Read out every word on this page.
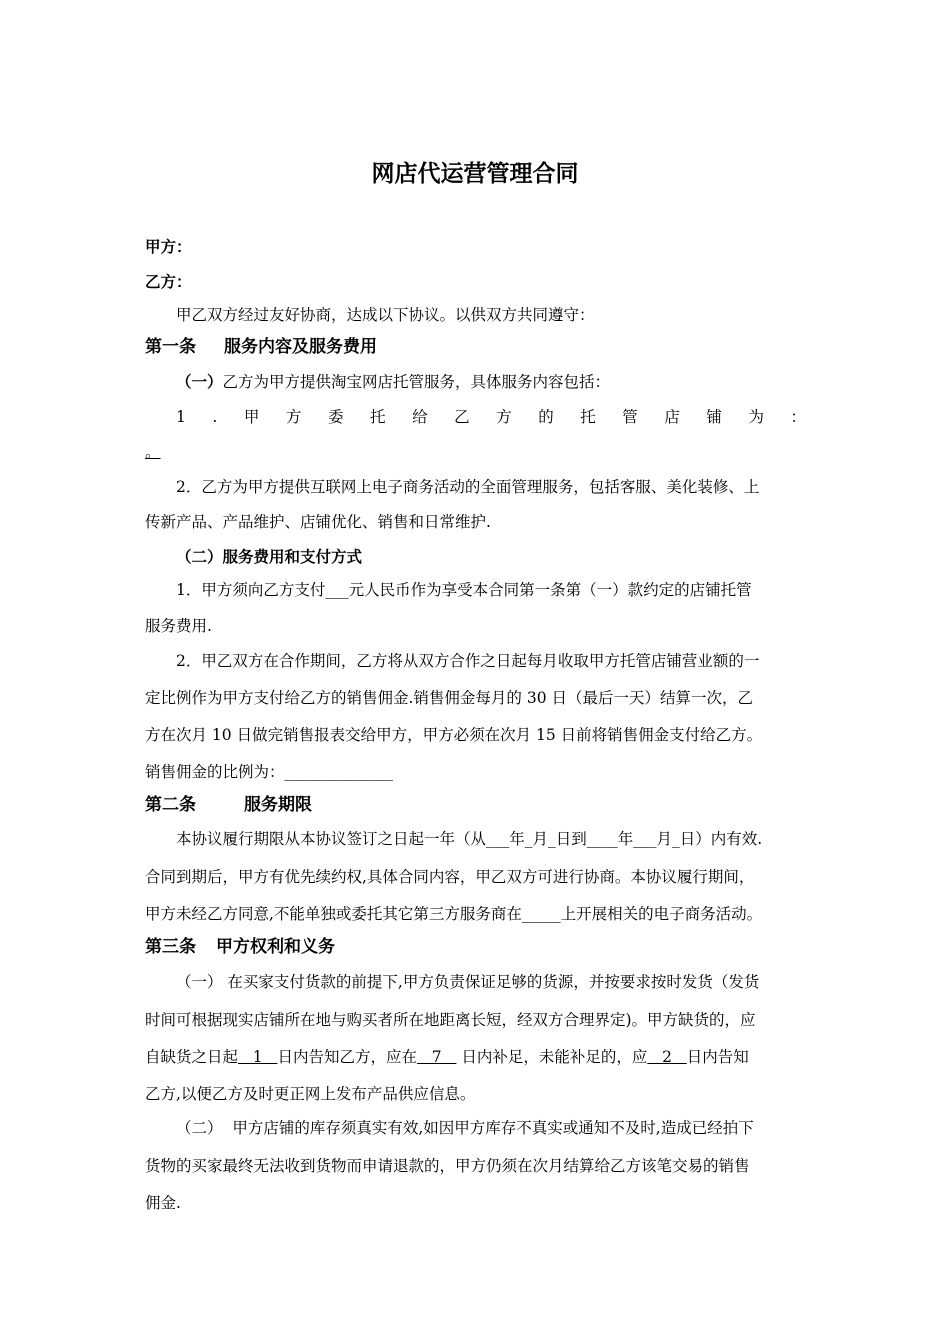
网店代运营管理合同
甲方：
乙方：
甲乙双方经过友好协商，达成以下协议。以供双方共同遵守：
第一条 服务内容及服务费用
（一）乙方为甲方提供淘宝网店托管服务，具体服务内容包括：
1 . 甲 方 委 托 给 乙 方 的 托 管 店 铺 为 ：
。
2．乙方为甲方提供互联网上电子商务活动的全面管理服务，包括客服、美化装修、上
传新产品、产品维护、店铺优化、销售和日常维护.
（二）服务费用和支付方式
1．甲方须向乙方支付___元人民币作为享受本合同第一条第（一）款约定的店铺托管
服务费用.
2．甲乙双方在合作期间，乙方将从双方合作之日起每月收取甲方托管店铺营业额的一
定比例作为甲方支付给乙方的销售佣金.销售佣金每月的 30 日（最后一天）结算一次，乙
方在次月 10 日做完销售报表交给甲方，甲方必须在次月 15 日前将销售佣金支付给乙方。
销售佣金的比例为：______________
第二条	服务期限
本协议履行期限从本协议签订之日起一年（从___年_月_日到____年___月_日）内有效.
合同到期后，甲方有优先续约权,具体合同内容，甲乙双方可进行协商。本协议履行期间，
甲方未经乙方同意,不能单独或委托其它第三方服务商在_____上开展相关的电子商务活动。
第三条 甲方权利和义务
（一） 在买家支付货款的前提下,甲方负责保证足够的货源，并按要求按时发货（发货
时间可根据现实店铺所在地与购买者所在地距离长短，经双方合理界定)。甲方缺货的，应
自缺货之日起   1   日内告知乙方，应在   7    日内补足，未能补足的，应   2   日内告知
乙方,以便乙方及时更正网上发布产品供应信息。
（二）  甲方店铺的库存须真实有效,如因甲方库存不真实或通知不及时,造成已经拍下
货物的买家最终无法收到货物而申请退款的，甲方仍须在次月结算给乙方该笔交易的销售
佣金.
